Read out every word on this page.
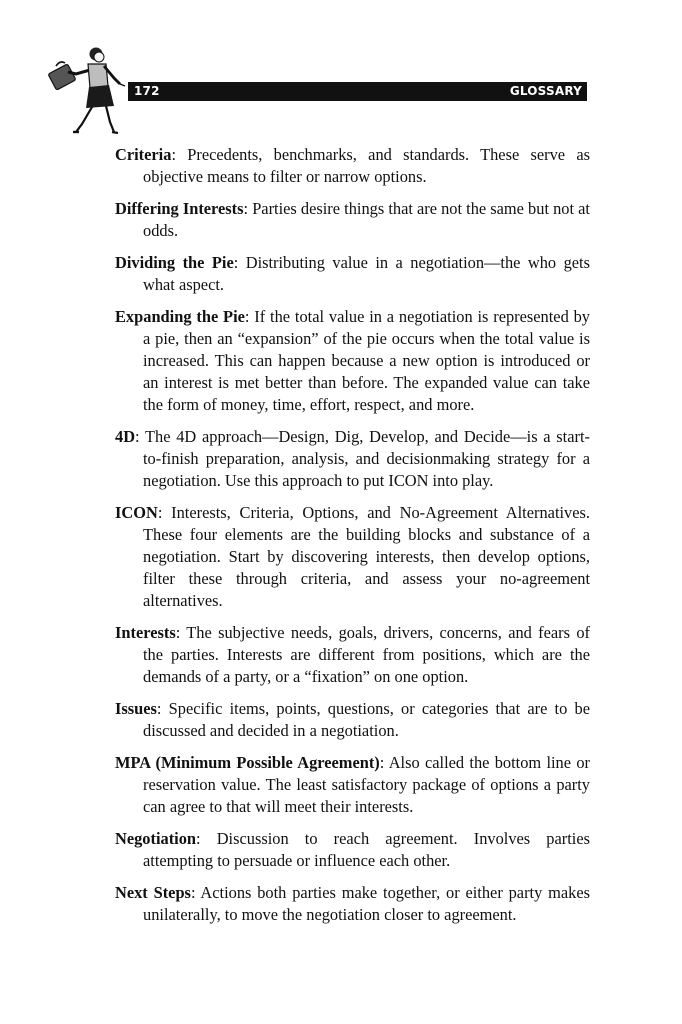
172	GLOSSARY

Criteria: Precedents, benchmarks, and standards. These serve as objective means to filter or narrow options.

Differing Interests: Parties desire things that are not the same but not at odds.

Dividing the Pie: Distributing value in a negotiation—the who gets what aspect.

Expanding the Pie: If the total value in a negotiation is represented by a pie, then an “expansion” of the pie occurs when the total value is increased. This can happen because a new option is introduced or an interest is met better than before. The expanded value can take the form of money, time, effort, respect, and more.

4D: The 4D approach—Design, Dig, Develop, and Decide—is a start-to-finish preparation, analysis, and decisionmaking strategy for a negotiation. Use this approach to put ICON into play.

ICON: Interests, Criteria, Options, and No-Agreement Alternatives. These four elements are the building blocks and substance of a negotiation. Start by discovering interests, then develop options, filter these through criteria, and assess your no-agreement alternatives.

Interests: The subjective needs, goals, drivers, concerns, and fears of the parties. Interests are different from positions, which are the demands of a party, or a “fixation” on one option.

Issues: Specific items, points, questions, or categories that are to be discussed and decided in a negotiation.

MPA (Minimum Possible Agreement): Also called the bottom line or reservation value. The least satisfactory package of options a party can agree to that will meet their interests.

Negotiation: Discussion to reach agreement. Involves parties attempting to persuade or influence each other.

Next Steps: Actions both parties make together, or either party makes unilaterally, to move the negotiation closer to agreement.
